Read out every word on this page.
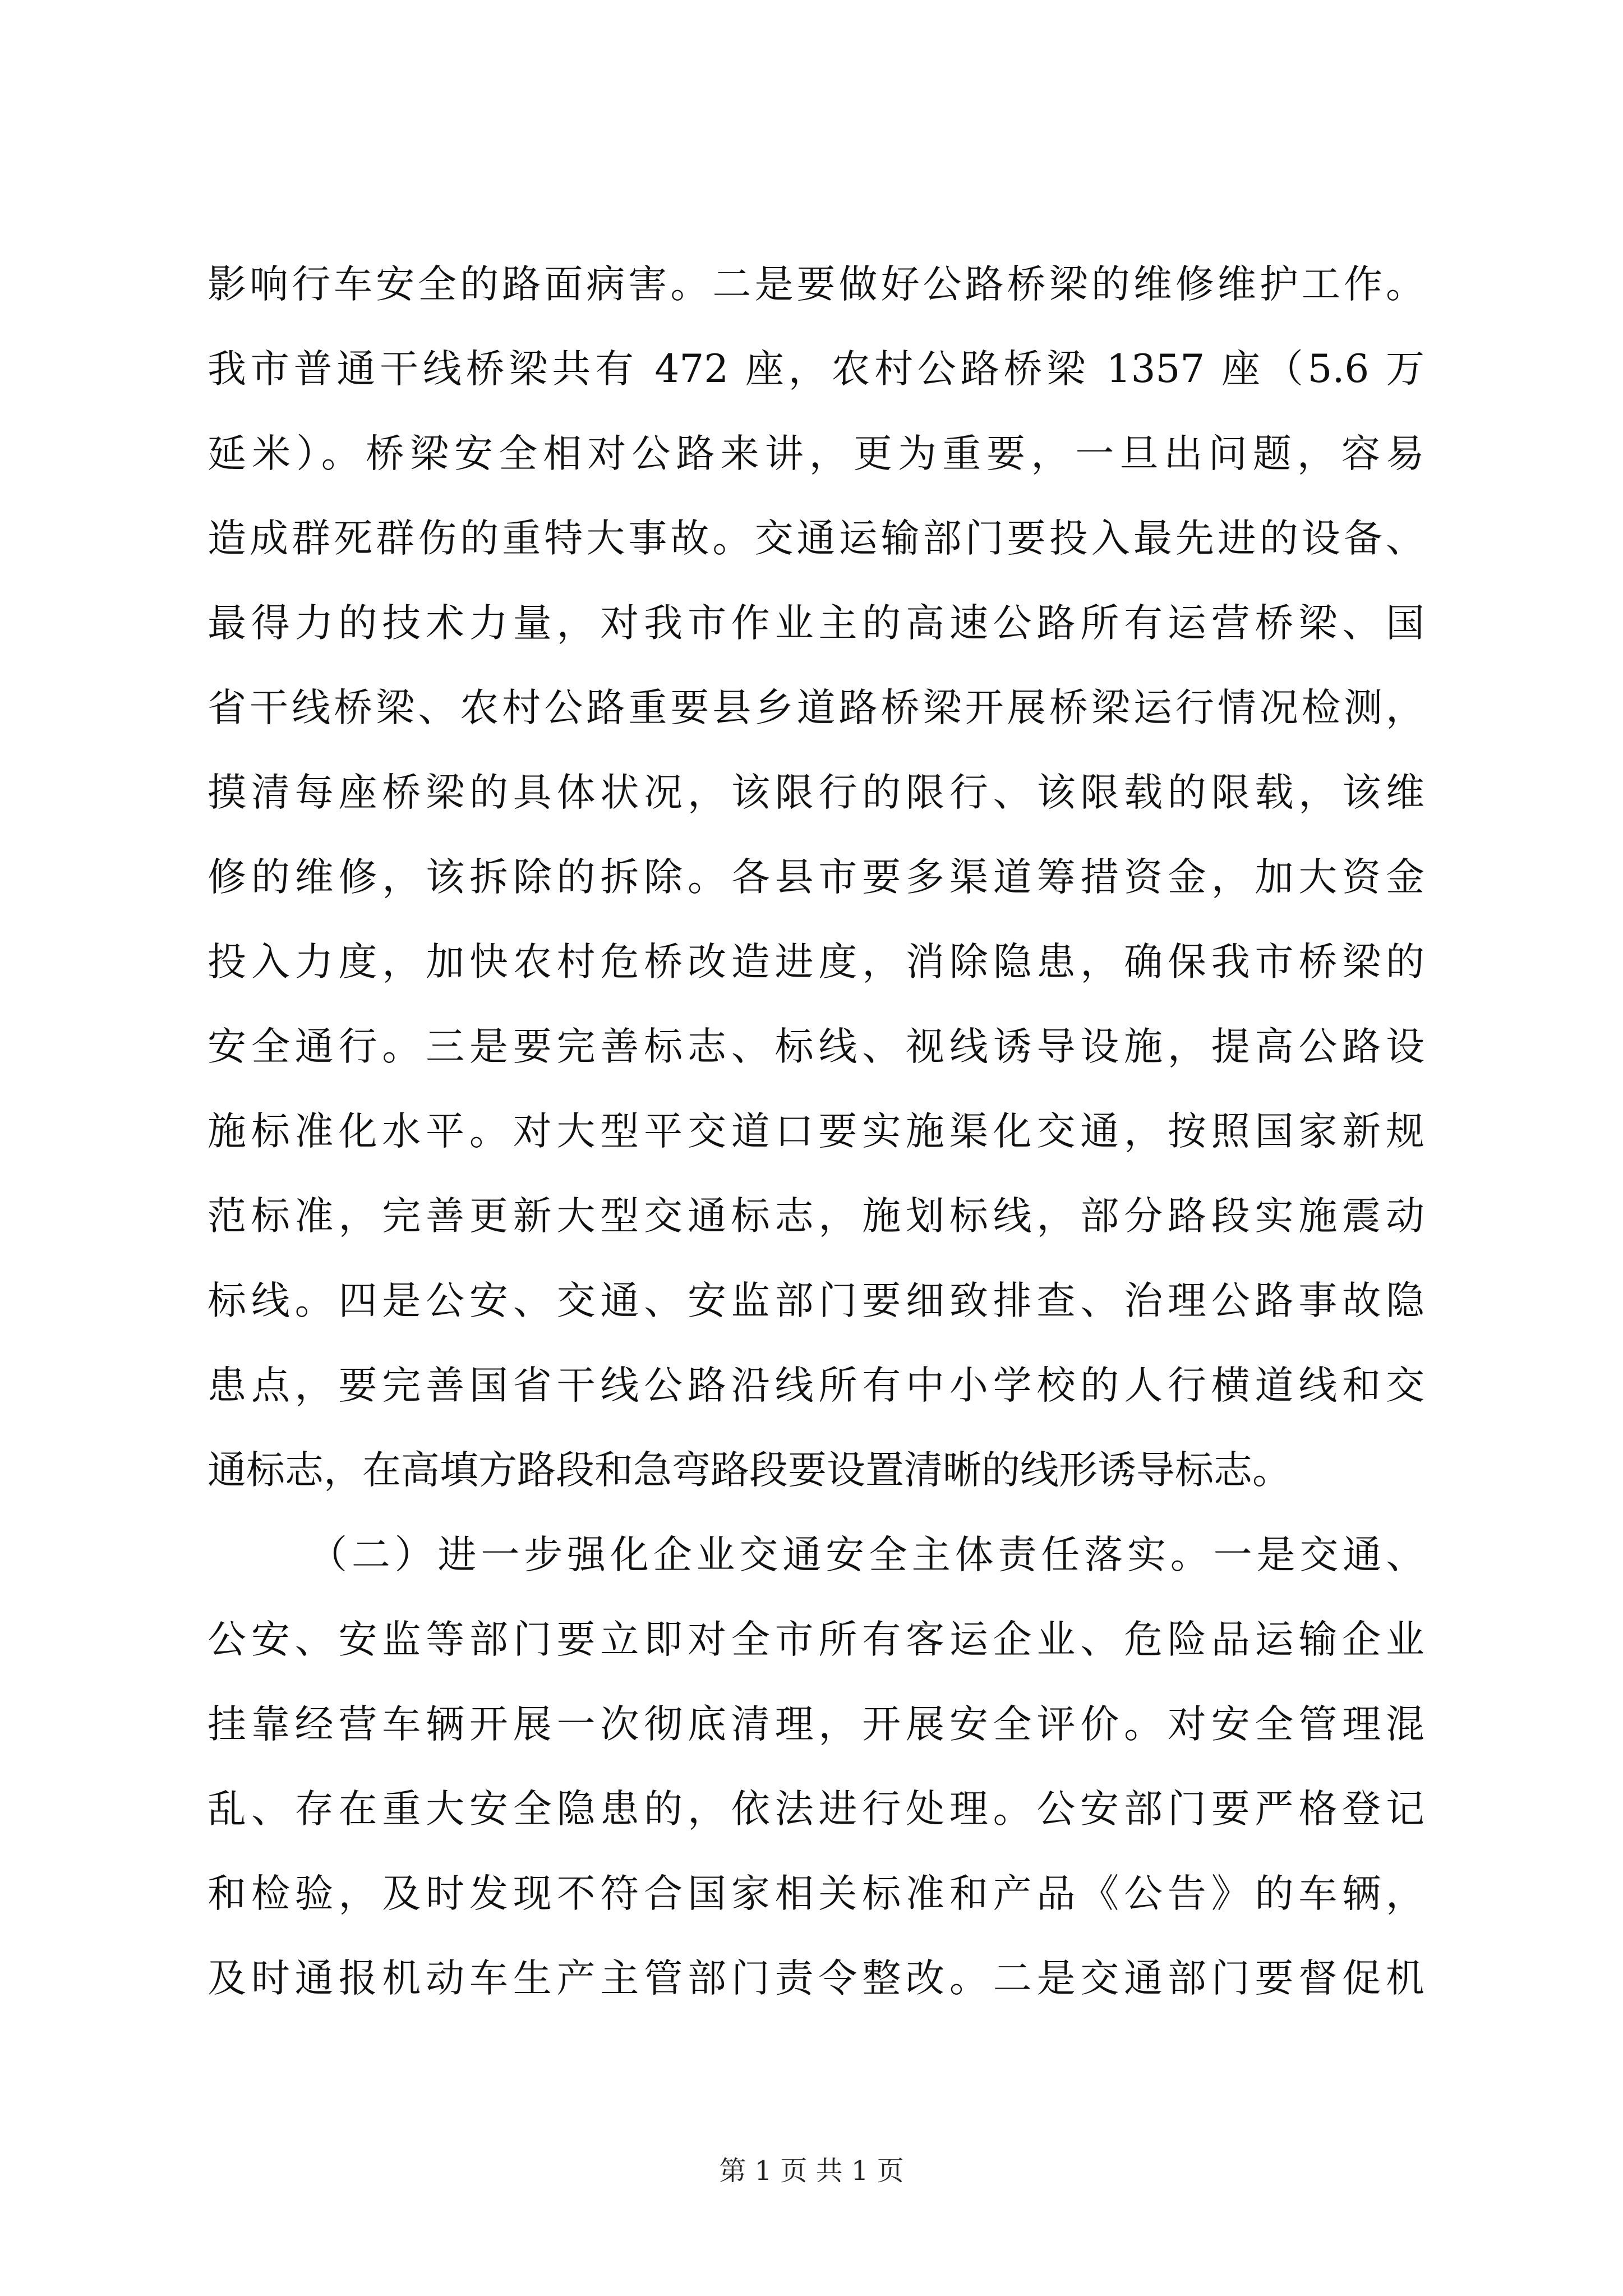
影响行车安全的路面病害。二是要做好公路桥梁的维修维护工作。
我市普通干线桥梁共有 472 座，农村公路桥梁 1357 座（5.6 万
延米）。桥梁安全相对公路来讲，更为重要，一旦出问题，容易
造成群死群伤的重特大事故。交通运输部门要投入最先进的设备、
最得力的技术力量，对我市作业主的高速公路所有运营桥梁、国
省干线桥梁、农村公路重要县乡道路桥梁开展桥梁运行情况检测，
摸清每座桥梁的具体状况，该限行的限行、该限载的限载，该维
修的维修，该拆除的拆除。各县市要多渠道筹措资金，加大资金
投入力度，加快农村危桥改造进度，消除隐患，确保我市桥梁的
安全通行。三是要完善标志、标线、视线诱导设施，提高公路设
施标准化水平。对大型平交道口要实施渠化交通，按照国家新规
范标准，完善更新大型交通标志，施划标线，部分路段实施震动
标线。四是公安、交通、安监部门要细致排查、治理公路事故隐
患点，要完善国省干线公路沿线所有中小学校的人行横道线和交
通标志，在高填方路段和急弯路段要设置清晰的线形诱导标志。
（二）进一步强化企业交通安全主体责任落实。一是交通、
公安、安监等部门要立即对全市所有客运企业、危险品运输企业
挂靠经营车辆开展一次彻底清理，开展安全评价。对安全管理混
乱、存在重大安全隐患的，依法进行处理。公安部门要严格登记
和检验，及时发现不符合国家相关标准和产品《公告》的车辆，
及时通报机动车生产主管部门责令整改。二是交通部门要督促机
第 1 页 共 1 页
